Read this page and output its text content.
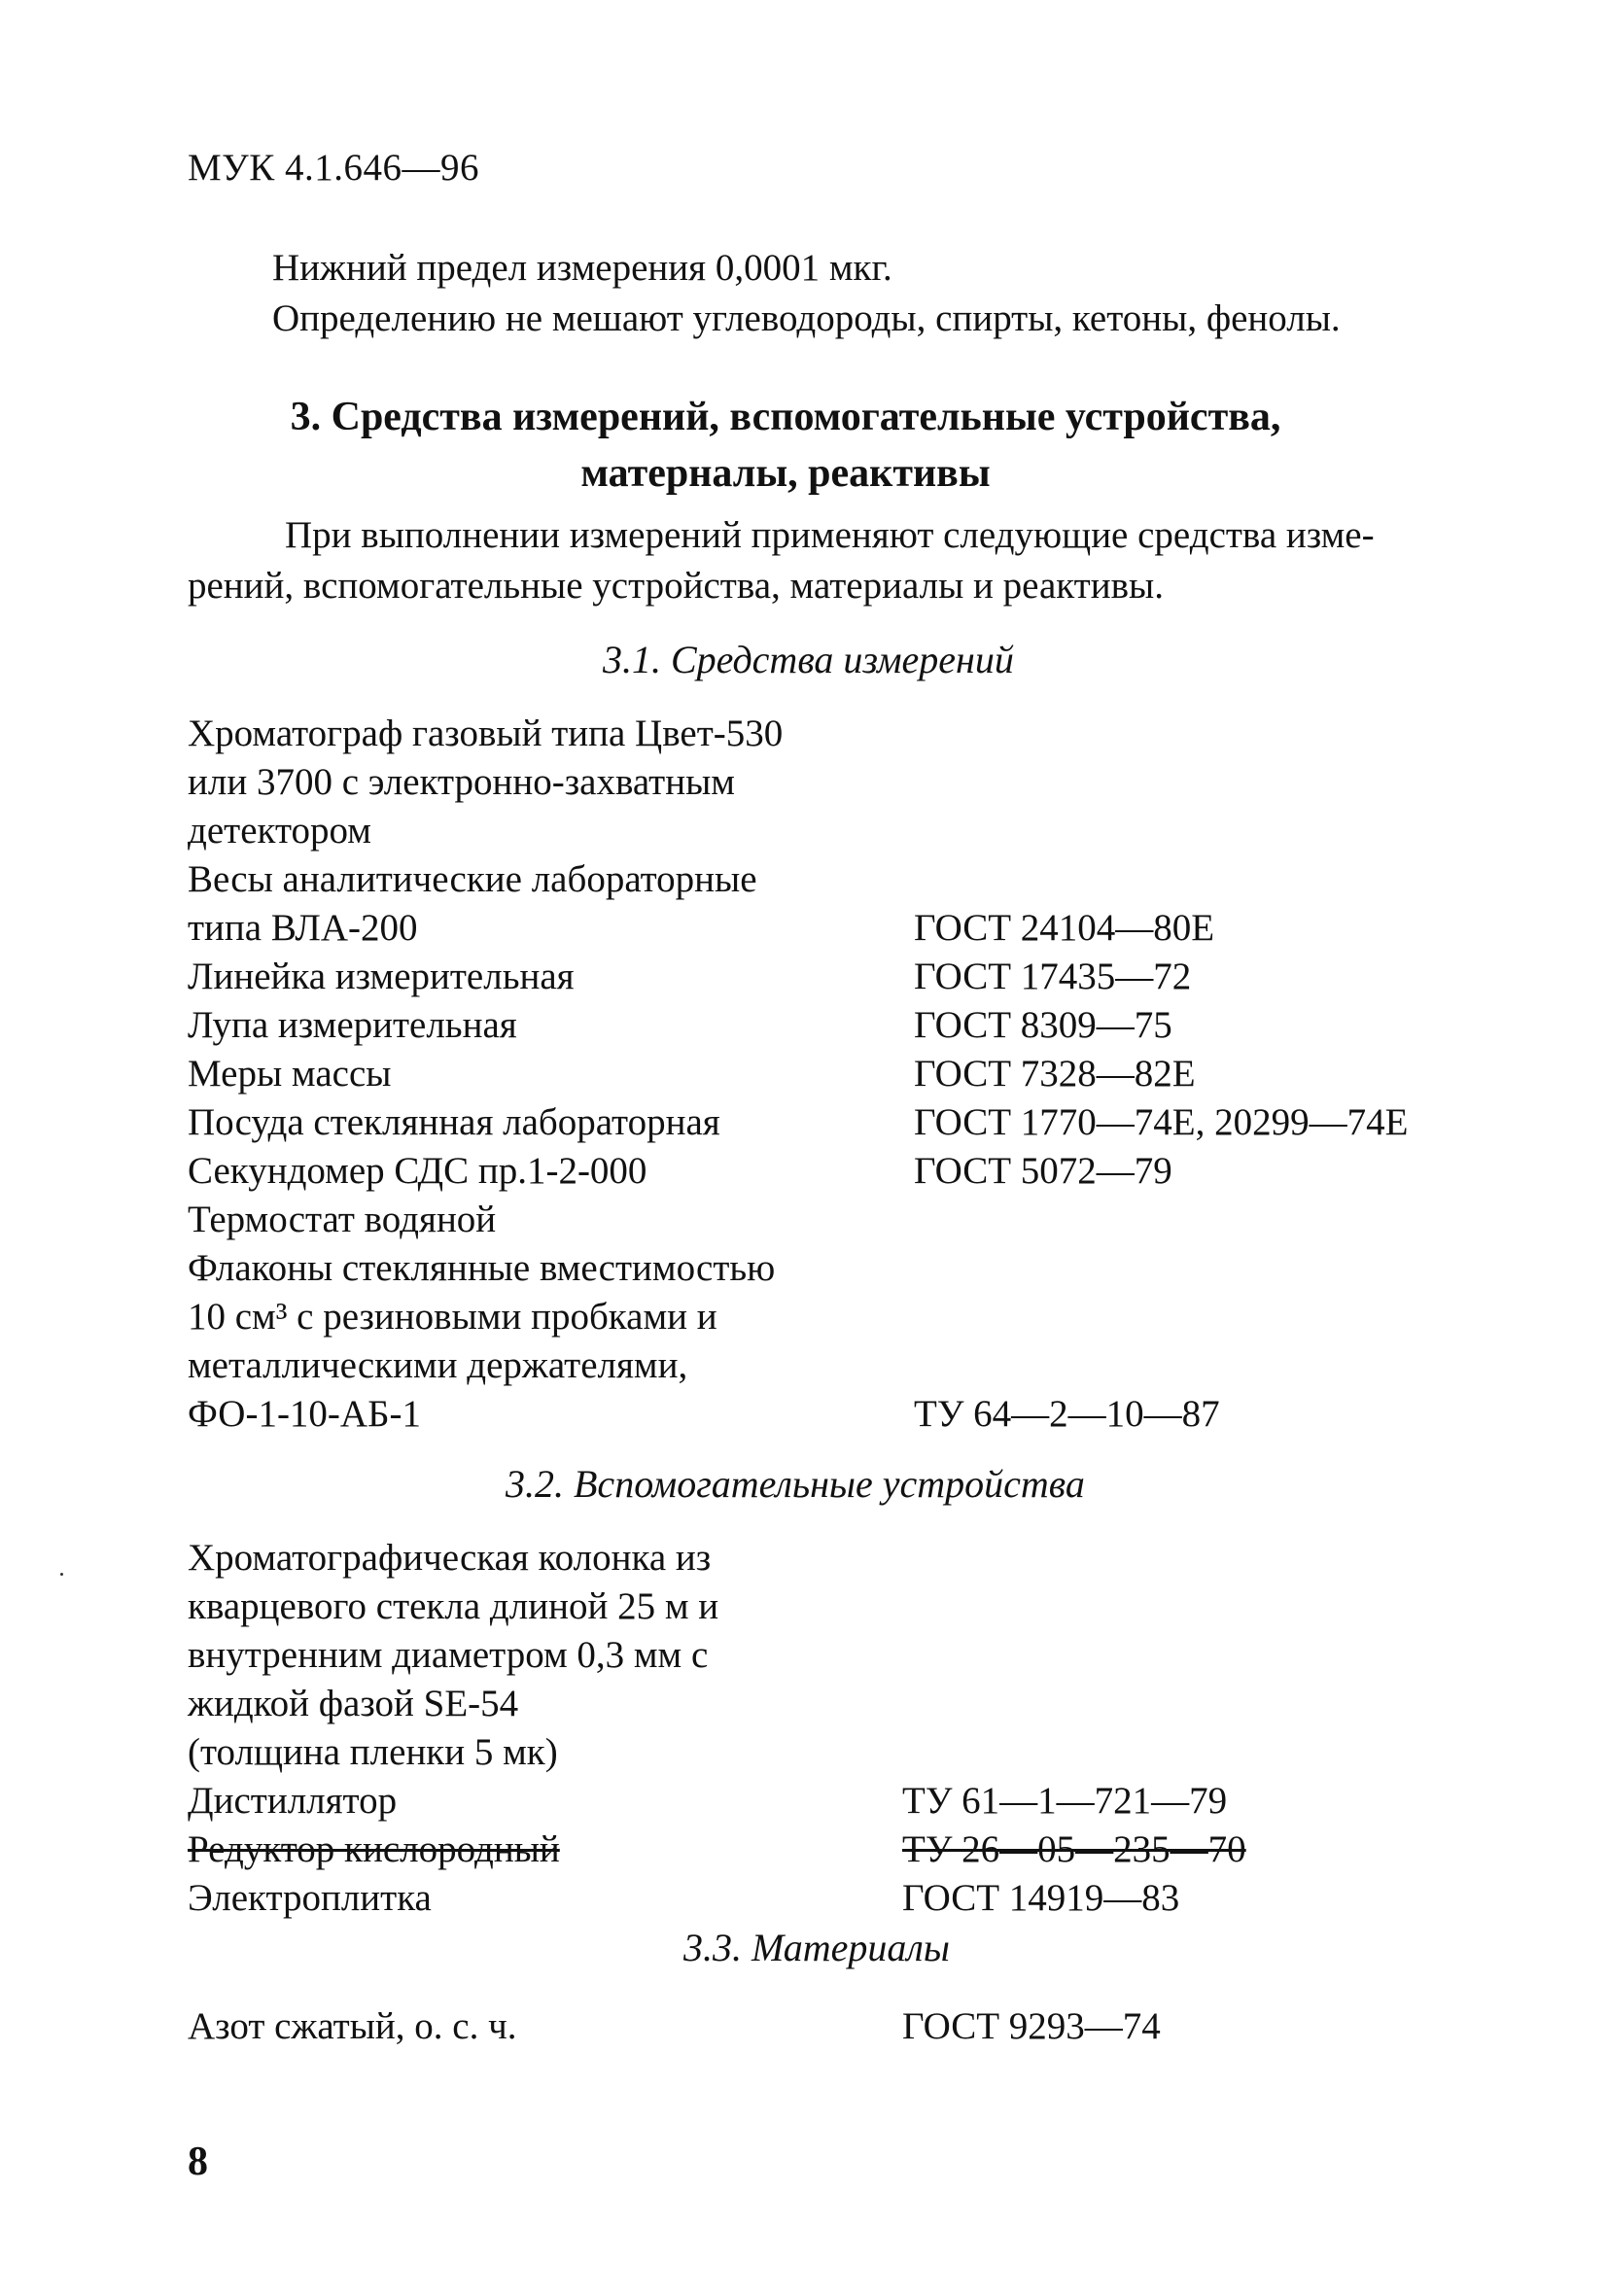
МУК 4.1.646—96

Нижний предел измерения 0,0001 мкг.

Определению не мешают углеводороды, спирты, кетоны, фенолы.

3. Средства измерений, вспомогательные устройства,

матерналы, реактивы

При выполнении измерений применяют следующие средства изме-

рений, вспомогательные устройства, материалы и реактивы.

3.1. Средства измерений
Хроматограф газовый типа Цвет-530
или 3700 с электронно-захватным
детектором
Весы аналитические лабораторные
типа ВЛА-200	ГОСТ 24104—80Е
Линейка измерительная	ГОСТ 17435—72
Лупа измерительная	ГОСТ 8309—75
Меры массы	ГОСТ 7328—82Е
Посуда стеклянная лабораторная	ГОСТ 1770—74Е, 20299—74Е
Секундомер СДС пр.1-2-000	ГОСТ 5072—79
Термостат водяной
Флаконы стеклянные вместимостью
10 см³ с резиновыми пробками и
металлическими держателями,
ФО-1-10-АБ-1	ТУ 64—2—10—87
3.2. Вспомогательные устройства
Хроматографическая колонка из
кварцевого стекла длиной 25 м и
внутренним диаметром 0,3 мм с
жидкой фазой SE-54
(толщина пленки 5 мк)
Дистиллятор	ТУ 61—1—721—79
Редуктор кислородный	ТУ 26—05—235—70
Электроплитка	ГОСТ 14919—83
3.3. Материалы
Азот сжатый, о. с. ч.	ГОСТ 9293—74
8
